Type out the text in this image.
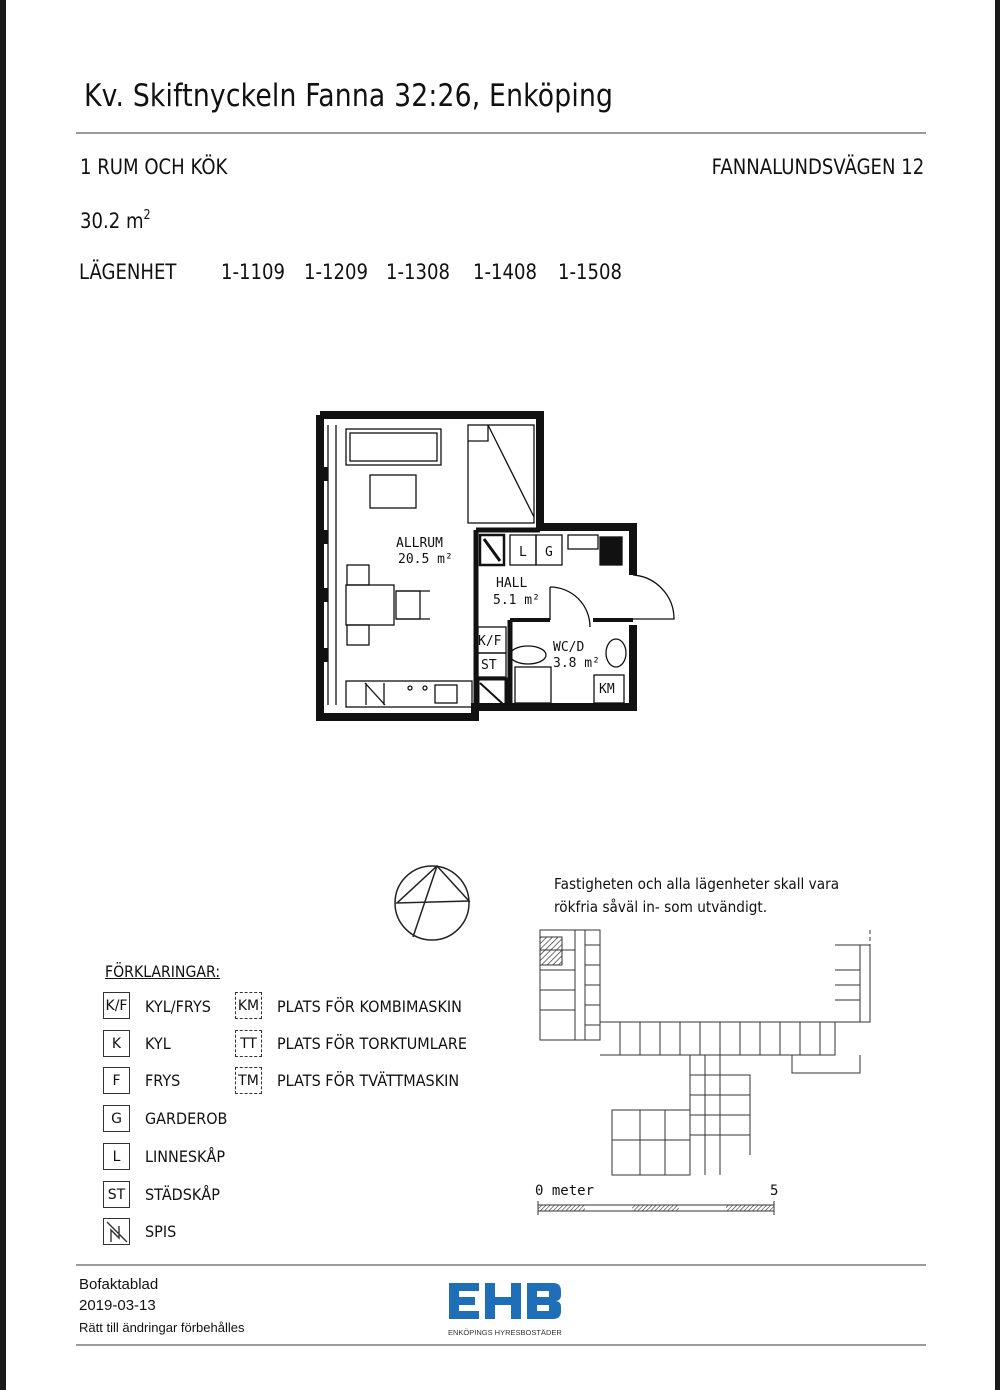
Kv. Skiftnyckeln Fanna 32:26, Enköping
1 RUM OCH KÖK	FANNALUNDSVÄGEN 12
30.2 $m^2$
LÄGENHET 1-1109 1-1209 1-1308 1-1408 1-1508
ALLRUM
20.5 m²
HALL
5.1 m²
WC/D
3.8 m²
L G
K/F
ST
KM
FÖRKLARINGAR:
K/F KYL/FRYS
K	KYL
F	FRYS
G	GARDEROB
L	LINNESKÅP
ST STÄDSKÅP
SPIS
KM PLATS FÖR KOMBIMASKIN
TT	PLATS FÖR TORKTUMLARE
TM PLATS FÖR TVÄTTMASKIN
Fastigheten och alla lägenheter skall vara
rökfria såväl in- som utvändigt.
0 meter	5
Bofaktablad
2019-03-13
Rätt till ändringar förbehålles	ENKÖPINGS HYRESBOSTÄDER
